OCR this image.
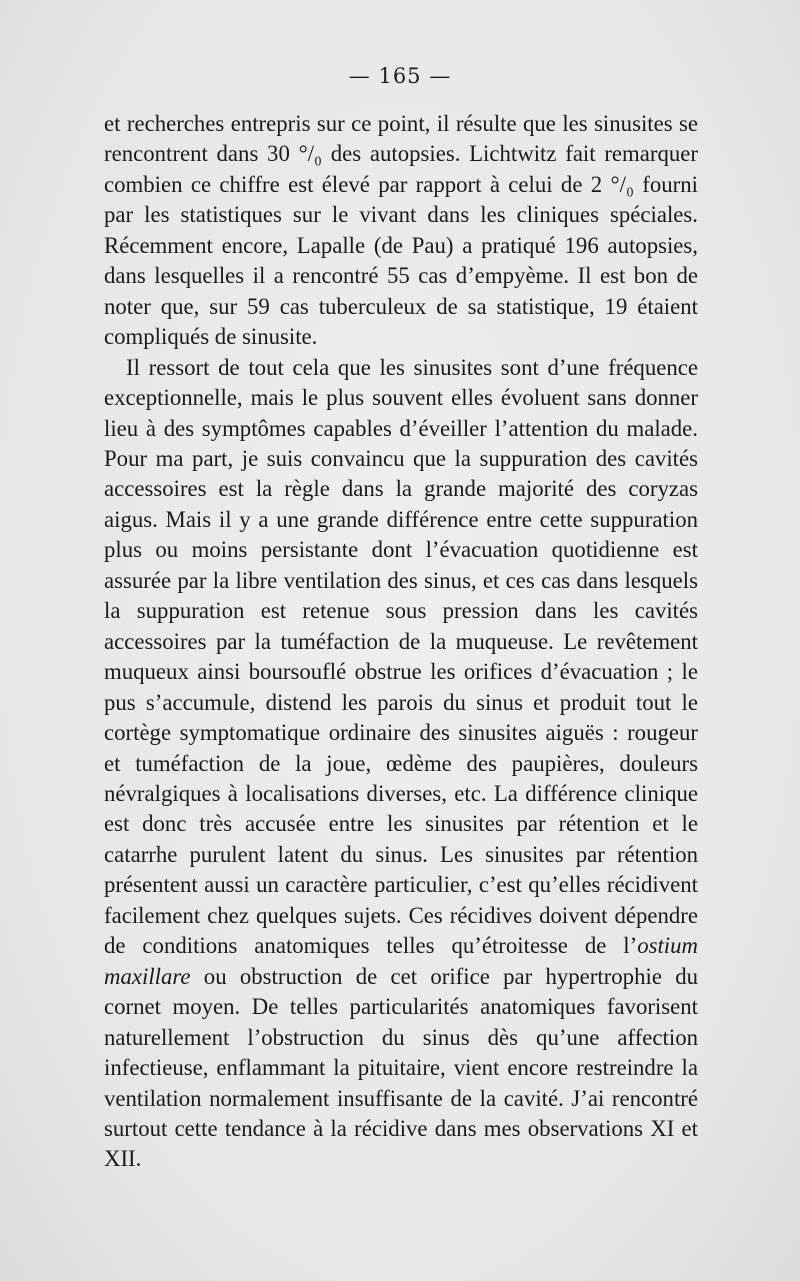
— 165 —

et recherches entrepris sur ce point, il résulte que les sinusites se rencontrent dans 30 °/₀ des autopsies. Lichtwitz fait remarquer combien ce chiffre est élevé par rapport à celui de 2 °/₀ fourni par les statistiques sur le vivant dans les cliniques spéciales. Récemment encore, Lapalle (de Pau) a pratiqué 196 autopsies, dans lesquelles il a rencontré 55 cas d’empyème. Il est bon de noter que, sur 59 cas tuberculeux de sa statistique, 19 étaient compliqués de sinusite.

Il ressort de tout cela que les sinusites sont d’une fréquence exceptionnelle, mais le plus souvent elles évoluent sans donner lieu à des symptômes capables d’éveiller l’attention du malade. Pour ma part, je suis convaincu que la suppuration des cavités accessoires est la règle dans la grande majorité des coryzas aigus. Mais il y a une grande différence entre cette suppuration plus ou moins persistante dont l’évacuation quotidienne est assurée par la libre ventilation des sinus, et ces cas dans lesquels la suppuration est retenue sous pression dans les cavités accessoires par la tuméfaction de la muqueuse. Le revêtement muqueux ainsi boursouflé obstrue les orifices d’évacuation ; le pus s’accumule, distend les parois du sinus et produit tout le cortège symptomatique ordinaire des sinusites aiguës : rougeur et tuméfaction de la joue, œdème des paupières, douleurs névralgiques à localisations diverses, etc. La différence clinique est donc très accusée entre les sinusites par rétention et le catarrhe purulent latent du sinus. Les sinusites par rétention présentent aussi un caractère particulier, c’est qu’elles récidivent facilement chez quelques sujets. Ces récidives doivent dépendre de conditions anatomiques telles qu’étroitesse de l’ostium maxillare ou obstruction de cet orifice par hypertrophie du cornet moyen. De telles particularités anatomiques favorisent naturellement l’obstruction du sinus dès qu’une affection infectieuse, enflammant la pituitaire, vient encore restreindre la ventilation normalement insuffisante de la cavité. J’ai rencontré surtout cette tendance à la récidive dans mes observations XI et XII.
